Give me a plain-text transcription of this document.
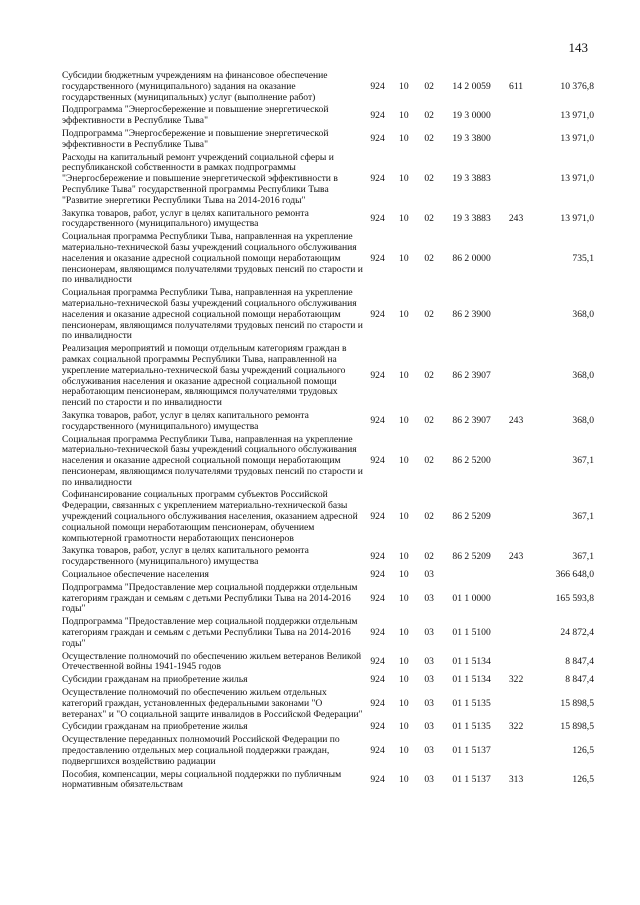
143
Субсидии бюджетным учреждениям на финансовое обеспечение государственного (муниципального) задания на оказание государственных (муниципальных) услуг (выполнение работ)	924	10	02	14 2 0059	611	10 376,8
Подпрограмма "Энергосбережение и повышение энергетической эффективности в Республике Тыва"	924	10	02	19 3 0000		13 971,0
Подпрограмма "Энергосбережение и повышение энергетической эффективности в Республике Тыва"	924	10	02	19 3 3800		13 971,0
Расходы на капитальный ремонт учреждений социальной сферы и республиканской собственности в рамках подпрограммы "Энергосбережение и повышение энергетической эффективности в Республике Тыва" государственной программы Республики Тыва "Развитие энергетики Республики Тыва на 2014-2016 годы"	924	10	02	19 3 3883		13 971,0
Закупка товаров, работ, услуг в целях капитального ремонта государственного (муниципального) имущества	924	10	02	19 3 3883	243	13 971,0
Социальная программа Республики Тыва, направленная на укрепление материально-технической базы учреждений социального обслуживания населения и оказание адресной социальной помощи неработающим пенсионерам, являющимся получателями трудовых пенсий по старости и по инвалидности	924	10	02	86 2 0000		735,1
Социальная программа Республики Тыва, направленная на укрепление материально-технической базы учреждений социального обслуживания населения и оказание адресной социальной помощи неработающим пенсионерам, являющимся получателями трудовых пенсий по старости и по инвалидности	924	10	02	86 2 3900		368,0
Реализация мероприятий и помощи отдельным категориям граждан в рамках социальной программы Республики Тыва, направленной на укрепление материально-технической базы учреждений социального обслуживания населения и оказание адресной социальной помощи неработающим пенсионерам, являющимся получателями трудовых пенсий по старости и по инвалидности	924	10	02	86 2 3907		368,0
Закупка товаров, работ, услуг в целях капитального ремонта государственного (муниципального) имущества	924	10	02	86 2 3907	243	368,0
Социальная программа Республики Тыва, направленная на укрепление материально-технической базы учреждений социального обслуживания населения и оказание адресной социальной помощи неработающим пенсионерам, являющимся получателями трудовых пенсий по старости и по инвалидности	924	10	02	86 2 5200		367,1
Софинансирование социальных программ субъектов Российской Федерации, связанных с укреплением материально-технической базы учреждений социального обслуживания населения, оказанием адресной социальной помощи неработающим пенсионерам, обучением компьютерной грамотности неработающих пенсионеров	924	10	02	86 2 5209		367,1
Закупка товаров, работ, услуг в целях капитального ремонта государственного (муниципального) имущества	924	10	02	86 2 5209	243	367,1
Социальное обеспечение населения	924	10	03			366 648,0
Подпрограмма "Предоставление мер социальной поддержки отдельным категориям граждан и семьям с детьми Республики Тыва на 2014-2016 годы"	924	10	03	01 1 0000		165 593,8
Подпрограмма "Предоставление мер социальной поддержки отдельным категориям граждан и семьям с детьми Республики Тыва на 2014-2016 годы"	924	10	03	01 1 5100		24 872,4
Осуществление полномочий по обеспечению жильем ветеранов Великой Отечественной войны 1941-1945 годов	924	10	03	01 1 5134		8 847,4
Субсидии гражданам на приобретение жилья	924	10	03	01 1 5134	322	8 847,4
Осуществление полномочий по обеспечению жильем отдельных категорий граждан, установленных федеральными законами "О ветеранах" и "О социальной защите инвалидов в Российской Федерации"	924	10	03	01 1 5135		15 898,5
Субсидии гражданам на приобретение жилья	924	10	03	01 1 5135	322	15 898,5
Осуществление переданных полномочий Российской Федерации по предоставлению отдельных мер социальной поддержки граждан, подвергшихся воздействию радиации	924	10	03	01 1 5137		126,5
Пособия, компенсации, меры социальной поддержки по публичным нормативным обязательствам	924	10	03	01 1 5137	313	126,5
